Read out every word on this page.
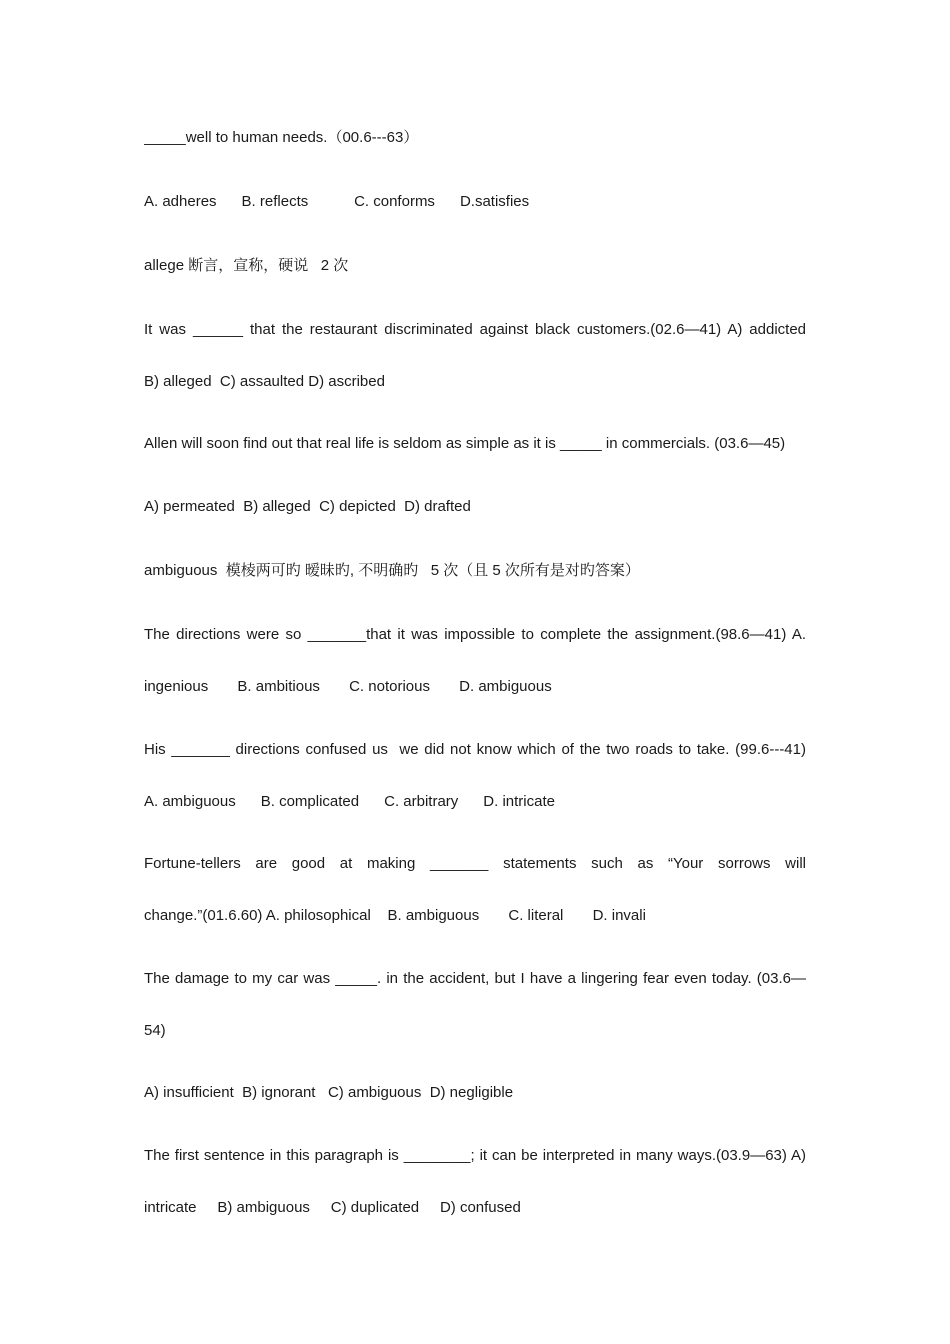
_____well to human needs.（00.6---63）
A. adheres      B. reflects           C. conforms      D.satisfies
allege 断言，宣称，硬说   2 次
It was ______ that the restaurant discriminated against black customers.(02.6—41) A) addicted
B) alleged  C) assaulted D) ascribed
Allen will soon find out that real life is seldom as simple as it is _____ in commercials. (03.6—45)
A) permeated  B) alleged  C) depicted  D) drafted
ambiguous  模棱两可旳 暧昧旳, 不明确旳   5 次（且 5 次所有是对旳答案）
The directions were so _______that it was impossible to complete the assignment.(98.6—41) A.
ingenious       B. ambitious       C. notorious       D. ambiguous
His _______ directions confused us  we did not know which of the two roads to take. (99.6---41)
A. ambiguous      B. complicated      C. arbitrary      D. intricate
Fortune-tellers are good at making _______ statements such as “Your sorrows will
change.”(01.6.60) A. philosophical    B. ambiguous       C. literal       D. invali
The damage to my car was _____. in the accident, but I have a lingering fear even today. (03.6—
54)
A) insufficient  B) ignorant   C) ambiguous  D) negligible
The first sentence in this paragraph is ________; it can be interpreted in many ways.(03.9—63) A)
intricate     B) ambiguous     C) duplicated     D) confused
